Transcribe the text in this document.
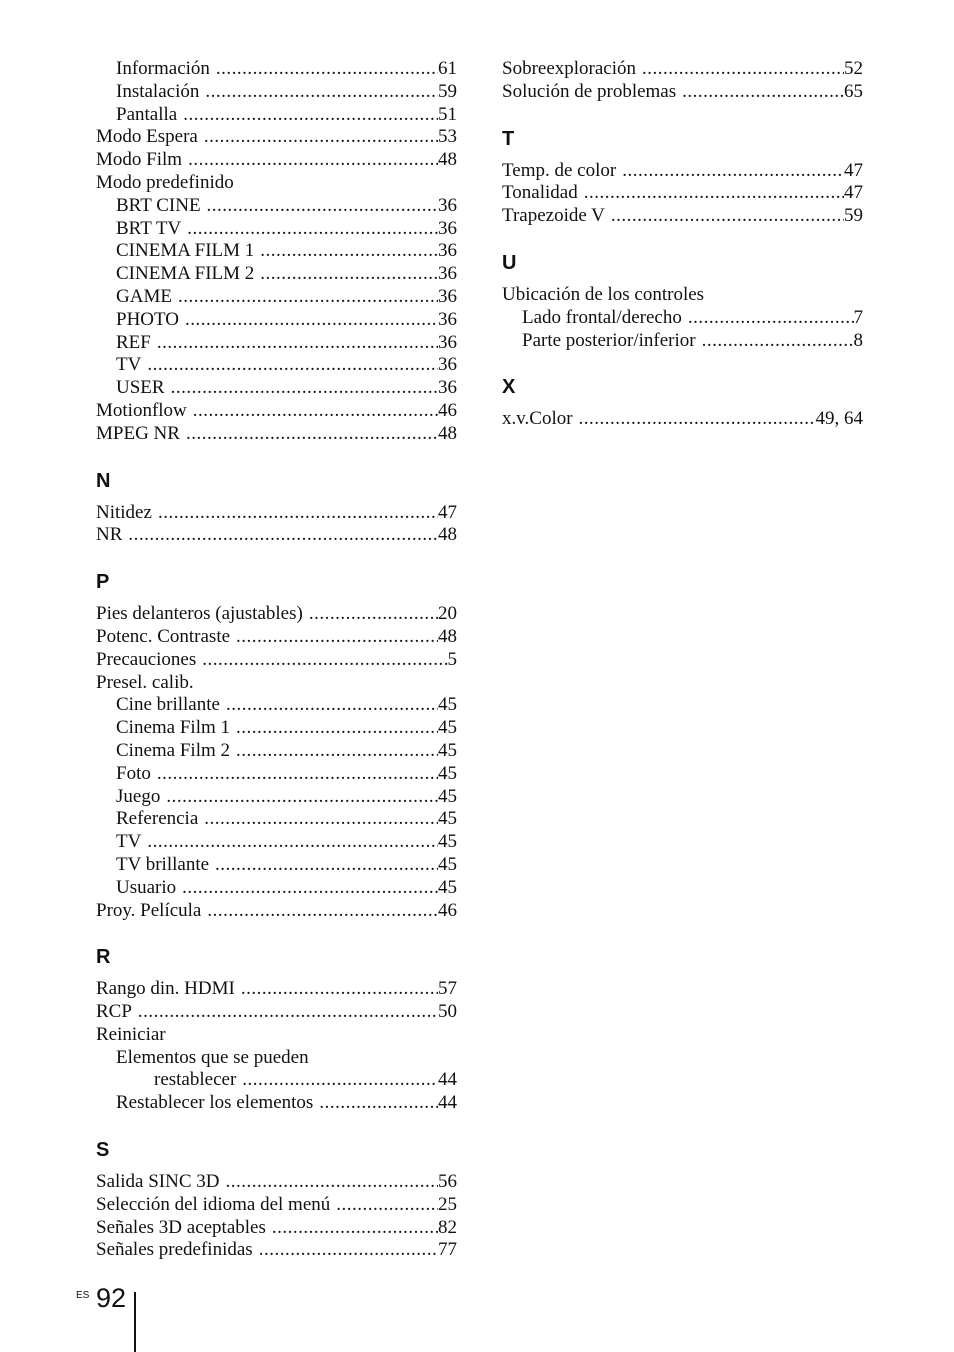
Información .....	61
Instalación .....	59
Pantalla .....	51
Modo Espera .....	53
Modo Film .....	48
Modo predefinido
BRT CINE .....	36
BRT TV .....	36
CINEMA FILM 1 .....	36
CINEMA FILM 2 .....	36
GAME .....	36
PHOTO .....	36
REF .....	36
TV .....	36
USER .....	36
Motionflow .....	46
MPEG NR .....	48
N
Nitidez .....	47
NR .....	48
P
Pies delanteros (ajustables) .....	20
Potenc. Contraste .....	48
Precauciones .....	5
Presel. calib.
Cine brillante .....	45
Cinema Film 1 .....	45
Cinema Film 2 .....	45
Foto .....	45
Juego .....	45
Referencia .....	45
TV .....	45
TV brillante .....	45
Usuario .....	45
Proy. Película .....	46
R
Rango din. HDMI .....	57
RCP .....	50
Reiniciar
Elementos que se pueden
restablecer .....	44
Restablecer los elementos .....	44
S
Salida SINC 3D .....	56
Selección del idioma del menú .....	25
Señales 3D aceptables .....	82
Señales predefinidas .....	77
Sobreexploración .....	52
Solución de problemas .....	65
T
Temp. de color .....	47
Tonalidad .....	47
Trapezoide V .....	59
U
Ubicación de los controles
Lado frontal/derecho .....	7
Parte posterior/inferior .....	8
X
x.v.Color .....	49, 64
ES 92
